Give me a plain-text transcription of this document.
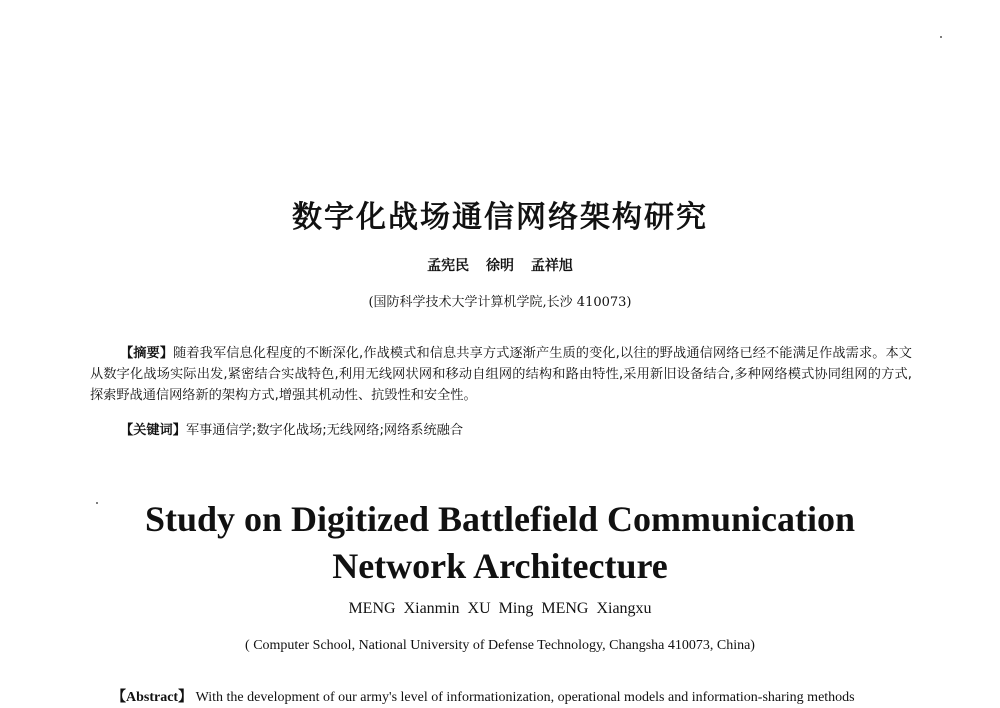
数字化战场通信网络架构研究
孟宪民 徐明 孟祥旭
(国防科学技术大学计算机学院,长沙 410073)

【摘要】随着我军信息化程度的不断深化,作战模式和信息共享方式逐渐产生质的变化,以往的野战通信网络已经不能满足作战需求。本文从数字化战场实际出发,紧密结合实战特色,利用无线网状网和移动自组网的结构和路由特性,采用新旧设备结合,多种网络模式协同组网的方式,探索野战通信网络新的架构方式,增强其机动性、抗毁性和安全性。

【关键词】军事通信学;数字化战场;无线网络;网络系统融合
Study on Digitized Battlefield Communication
Network Architecture
MENG Xianmin XU Ming MENG Xiangxu
( Computer School, National University of Defense Technology, Changsha 410073, China)
【Abstract】 With the development of our army's level of informationization, operational models and information-sharing methods
